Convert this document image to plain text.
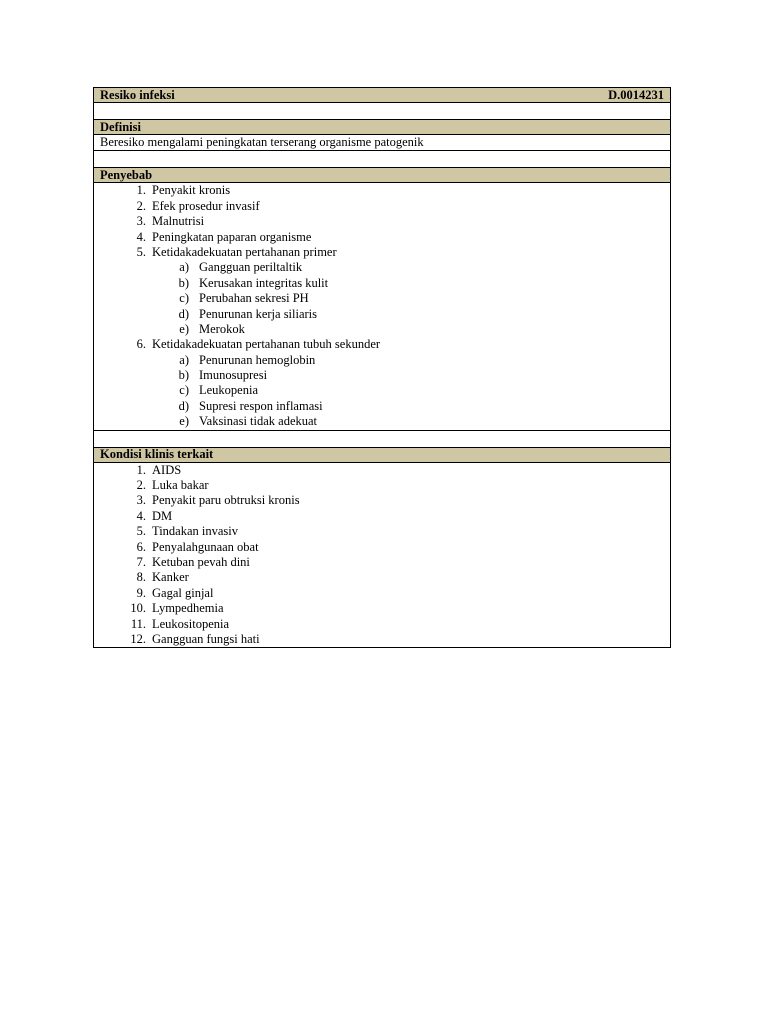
Resiko infeksi	D.0014231
Definisi
Beresiko mengalami peningkatan terserang organisme patogenik
Penyebab
1. Penyakit kronis
2. Efek prosedur invasif
3. Malnutrisi
4. Peningkatan paparan organisme
5. Ketidakadekuatan pertahanan primer
a) Gangguan periltaltik
b) Kerusakan integritas kulit
c) Perubahan sekresi PH
d) Penurunan kerja siliaris
e) Merokok
6. Ketidakadekuatan pertahanan tubuh sekunder
a) Penurunan hemoglobin
b) Imunosupresi
c) Leukopenia
d) Supresi respon inflamasi
e) Vaksinasi tidak adekuat
Kondisi klinis terkait
1. AIDS
2. Luka bakar
3. Penyakit paru obtruksi kronis
4. DM
5. Tindakan invasiv
6. Penyalahgunaan obat
7. Ketuban pevah dini
8. Kanker
9. Gagal ginjal
10. Lympedhemia
11. Leukositopenia
12. Gangguan fungsi hati
